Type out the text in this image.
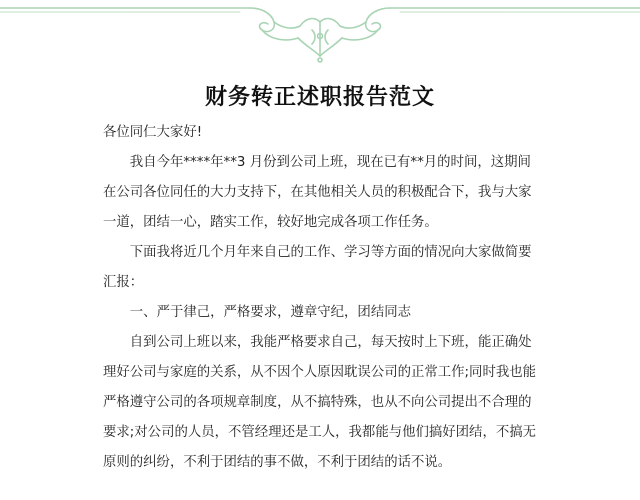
财务转正述职报告范文

各位同仁大家好!

我自今年****年**3 月份到公司上班，现在已有**月的时间，这期间在公司各位同任的大力支持下，在其他相关人员的积极配合下，我与大家一道，团结一心，踏实工作，较好地完成各项工作任务。

下面我将近几个月年来自己的工作、学习等方面的情况向大家做简要汇报：

一、严于律己，严格要求，遵章守纪，团结同志

自到公司上班以来，我能严格要求自己，每天按时上下班，能正确处理好公司与家庭的关系，从不因个人原因耽误公司的正常工作;同时我也能严格遵守公司的各项规章制度，从不搞特殊，也从不向公司提出不合理的要求;对公司的人员，不管经理还是工人，我都能与他们搞好团结，不搞无原则的纠纷，不利于团结的事不做，不利于团结的话不说。
